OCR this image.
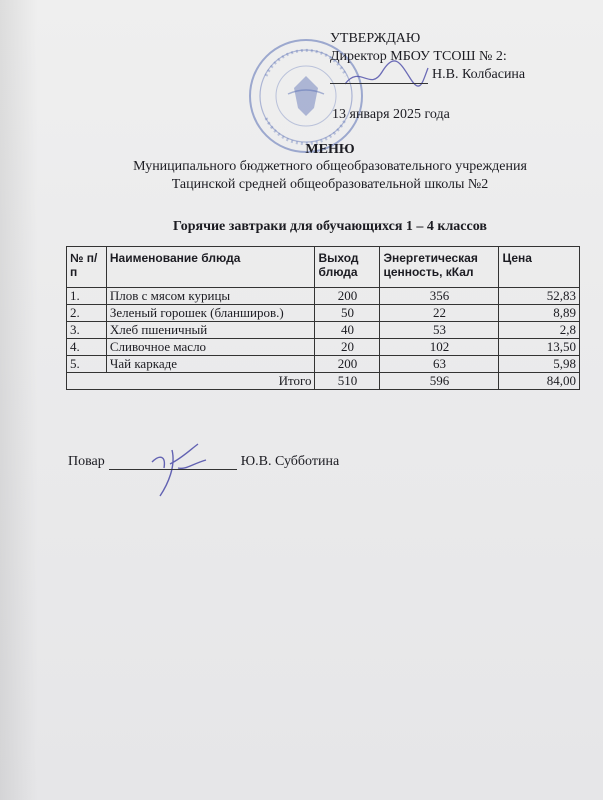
УТВЕРЖДАЮ
Директор МБОУ ТСОШ № 2:
Н.В. Колбасина
13 января 2025 года
МЕНЮ
Муниципального бюджетного общеобразовательного учреждения
Тацинской средней общеобразовательной школы №2
Горячие завтраки для обучающихся 1 – 4 классов
№ п/п	Наименование блюда	Выход блюда	Энергетическая ценность, кКал	Цена
1.	Плов с мясом курицы	200	356	52,83
2.	Зеленый горошек (бланширов.)	50	22	8,89
3.	Хлеб пшеничный	40	53	2,8
4.	Сливочное масло	20	102	13,50
5.	Чай каркаде	200	63	5,98
Итого		510	596	84,00
Повар	Ю.В. Субботина
